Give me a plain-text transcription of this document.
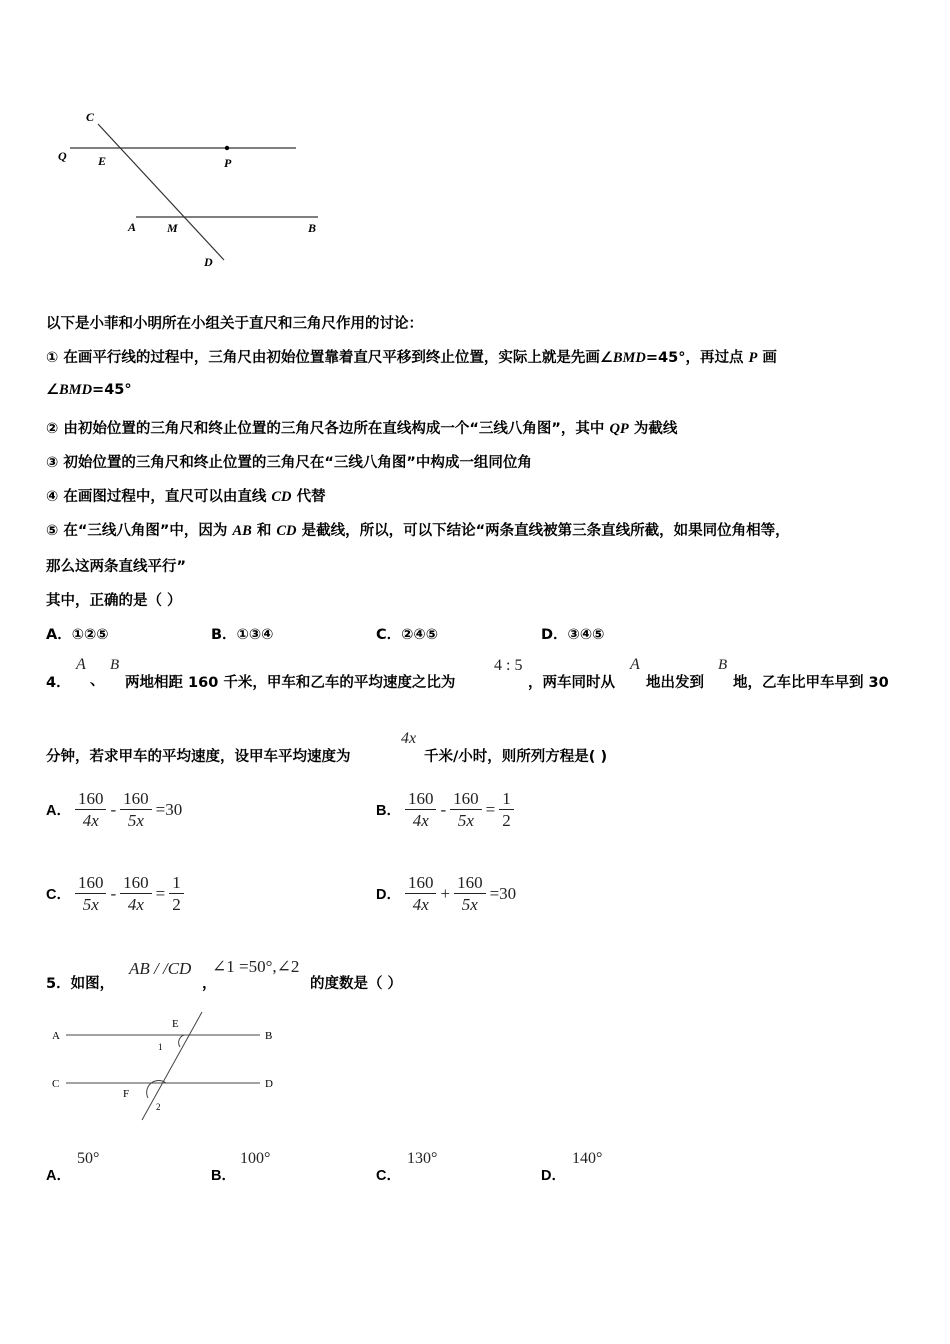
C
Q	E	P
A	M	B
D
以下是小菲和小明所在小组关于直尺和三角尺作用的讨论：
① 在画平行线的过程中，三角尺由初始位置靠着直尺平移到终止位置，实际上就是先画∠BMD=45°，再过点 P 画
∠BMD=45°
② 由初始位置的三角尺和终止位置的三角尺各边所在直线构成一个“三线八角图”，其中 QP 为截线
③ 初始位置的三角尺和终止位置的三角尺在“三线八角图”中构成一组同位角
④ 在画图过程中，直尺可以由直线 CD 代替
⑤ 在“三线八角图”中，因为 AB 和 CD 是截线，所以，可以下结论“两条直线被第三条直线所截，如果同位角相等，
那么这两条直线平行”
其中，正确的是（ ）
A．①②⑤	B．①③④	C．②④⑤	D．③④⑤
4．
A
、
B
两地相距 160 千米，甲车和乙车的平均速度之比为
4 : 5
，两车同时从
A
地出发到
B
地，乙车比甲车早到 30
分钟，若求甲车的平均速度，设甲车平均速度为
4x
千米/小时，则所列方程是( )
A． $\frac{160}{4x} - \frac{160}{5x} =30$	B． $\frac{160}{4x} - \frac{160}{5x} = \frac{1}{2}$
C． $\frac{160}{5x} - \frac{160}{4x} = \frac{1}{2}$	D． $\frac{160}{4x} + \frac{160}{5x} =30$
5．如图，
AB / /CD
，
∠1 =50°,∠2
的度数是（ ）
A	B
C	D
E
F
1
2
A．
50°
B．
100°
C．
130°
D．
140°
